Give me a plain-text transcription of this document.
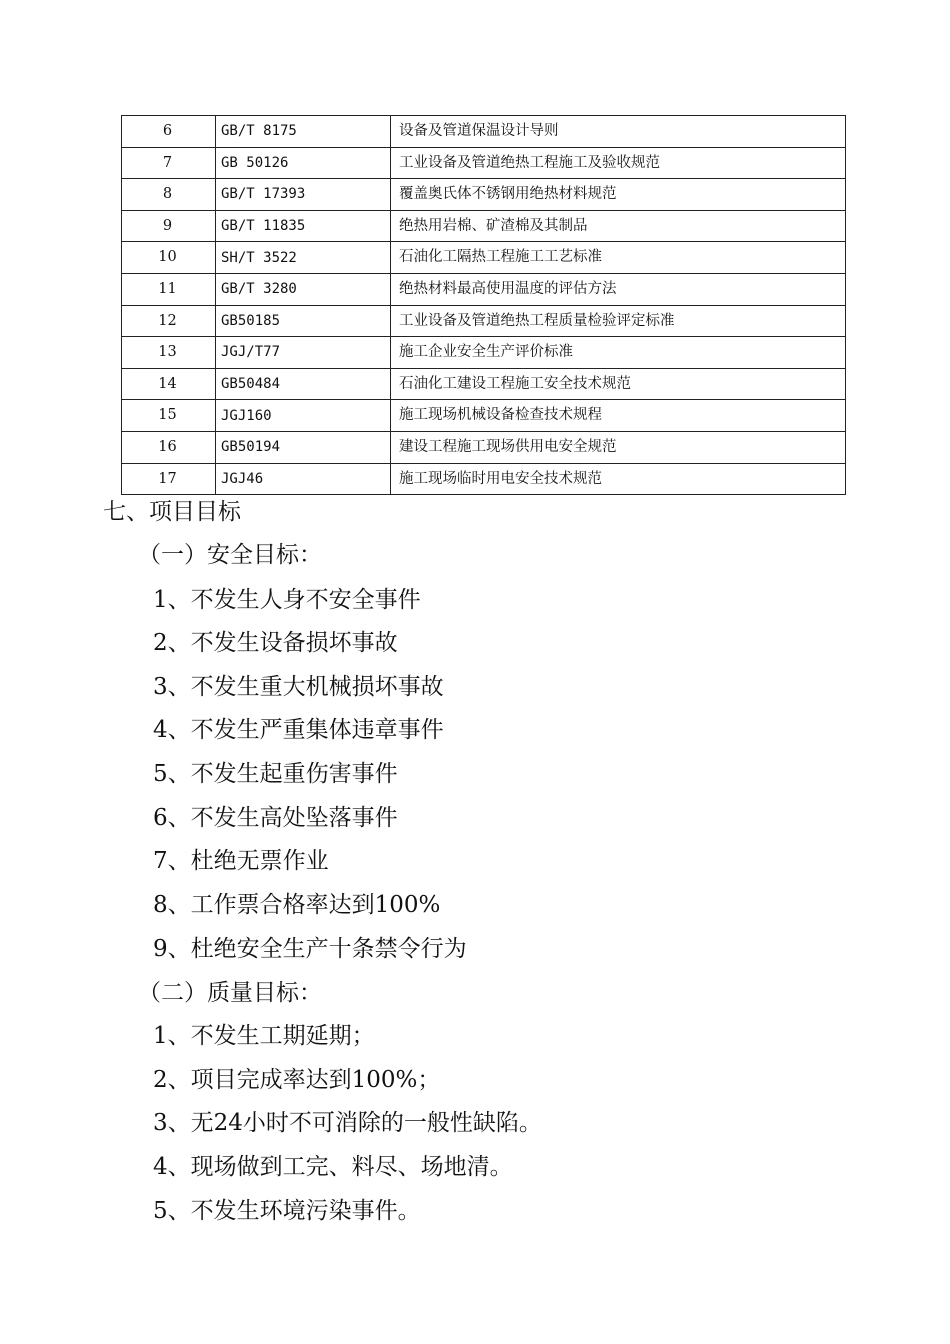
6	GB/T 8175	设备及管道保温设计导则
7	GB 50126	工业设备及管道绝热工程施工及验收规范
8	GB/T 17393	覆盖奥氏体不锈钢用绝热材料规范
9	GB/T 11835	绝热用岩棉、矿渣棉及其制品
10	SH/T 3522	石油化工隔热工程施工工艺标准
11	GB/T 3280	绝热材料最高使用温度的评估方法
12	GB50185	工业设备及管道绝热工程质量检验评定标准
13	JGJ/T77	施工企业安全生产评价标准
14	GB50484	石油化工建设工程施工安全技术规范
15	JGJ160	施工现场机械设备检查技术规程
16	GB50194	建设工程施工现场供用电安全规范
17	JGJ46	施工现场临时用电安全技术规范
七、项目目标
（一）安全目标：
1、不发生人身不安全事件
2、不发生设备损坏事故
3、不发生重大机械损坏事故
4、不发生严重集体违章事件
5、不发生起重伤害事件
6、不发生高处坠落事件
7、杜绝无票作业
8、工作票合格率达到100%
9、杜绝安全生产十条禁令行为
（二）质量目标：
1、不发生工期延期；
2、项目完成率达到100%；
3、无24小时不可消除的一般性缺陷。
4、现场做到工完、料尽、场地清。
5、不发生环境污染事件。
